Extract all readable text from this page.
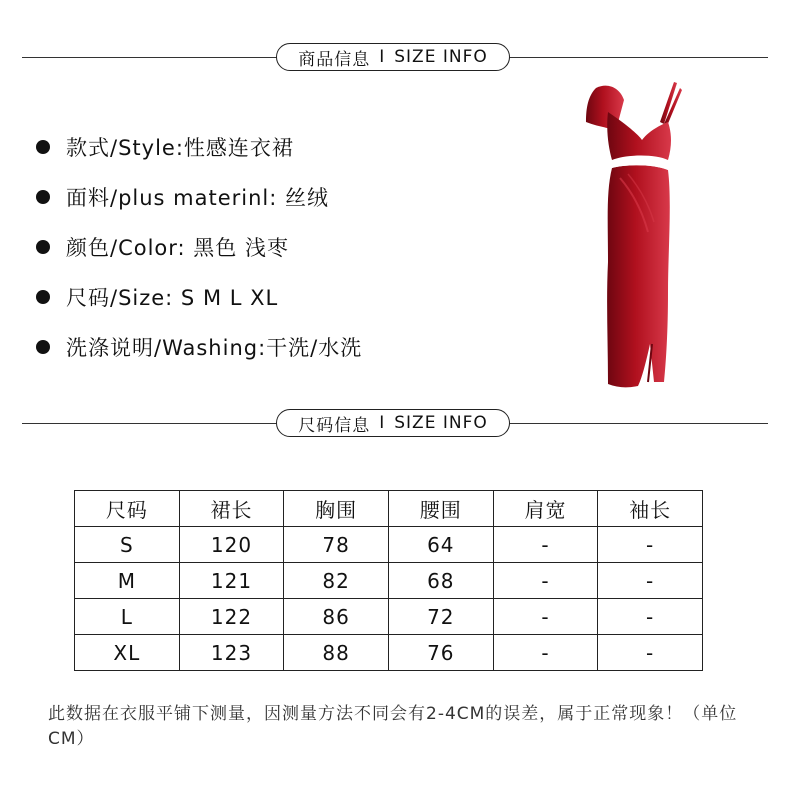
商品信息 I SIZE INFO
款式/Style:性感连衣裙
面料/plus materinl: 丝绒
颜色/Color: 黑色 浅枣
尺码/Size: S M L XL
洗涤说明/Washing:干洗/水洗
尺码信息 I SIZE INFO
尺码	裙长	胸围	腰围	肩宽	袖长
S	120	78	64	-	-
M	121	82	68	-	-
L	122	86	72	-	-
XL	123	88	76	-	-
此数据在衣服平铺下测量，因测量方法不同会有2-4CM的误差，属于正常现象！（单位CM）
